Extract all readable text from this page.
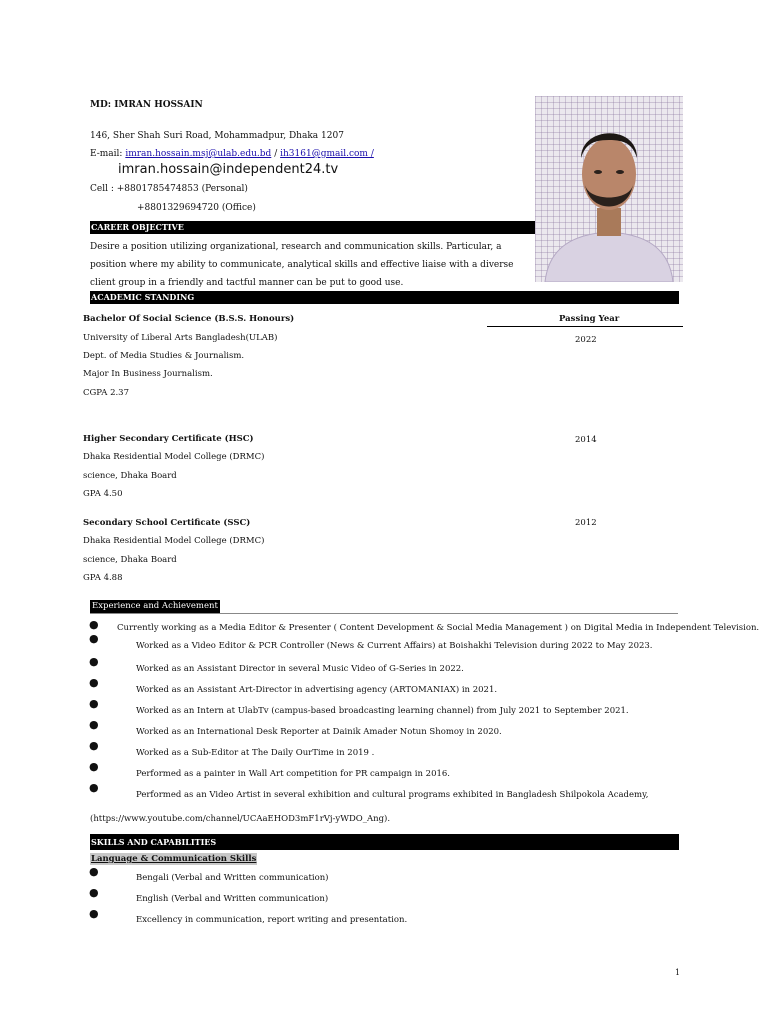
MD: IMRAN HOSSAIN
146, Sher Shah Suri Road, Mohammadpur, Dhaka 1207
E-mail: imran.hossain.msj@ulab.edu.bd / ih3161@gmail.com /
imran.hossain@independent24.tv
Cell : +8801785474853 (Personal)
+8801329694720 (Office)
CAREER OBJECTIVE
Desire a position utilizing organizational, research and communication skills. Particular, a position where my ability to communicate, analytical skills and effective liaise with a diverse client group in a friendly and tactful manner can be put to good use.
ACADEMIC STANDING
Passing Year
Bachelor Of Social Science (B.S.S. Honours)
2022
University of Liberal Arts Bangladesh(ULAB)
Dept. of Media Studies & Journalism.
Major In Business Journalism.
CGPA 2.37
Higher Secondary Certificate (HSC)	2014
Dhaka Residential Model College (DRMC)
science, Dhaka Board
GPA 4.50
Secondary School Certificate (SSC)	2012
Dhaka Residential Model College (DRMC)
science, Dhaka Board
GPA 4.88
Experience and Achievement
● Currently working as a Media Editor & Presenter ( Content Development & Social Media Management ) on Digital Media in Independent Television.
●
Worked as a Video Editor & PCR Controller (News & Current Affairs) at Boishakhi Television during 2022 to May 2023.
●
Worked as an Assistant Director in several Music Video of G-Series in 2022.
●
Worked as an Assistant Art-Director in advertising agency (ARTOMANIAX) in 2021.
●
Worked as an Intern at UlabTv (campus-based broadcasting learning channel) from July 2021 to September 2021.
●
Worked as an International Desk Reporter at Dainik Amader Notun Shomoy in 2020.
●
Worked as a Sub-Editor at The Daily OurTime in 2019 .
●
Performed as a painter in Wall Art competition for PR campaign in 2016.
●
Performed as an Video Artist in several exhibition and cultural programs exhibited in Bangladesh Shilpokola Academy,
(https://www.youtube.com/channel/UCAaEHOD3mF1rVj-yWDO_Ang).
SKILLS AND CAPABILITIES
Language & Communication Skills
●	Bengali (Verbal and Written communication)
●	English (Verbal and Written communication)
●	Excellency in communication, report writing and presentation.
1
